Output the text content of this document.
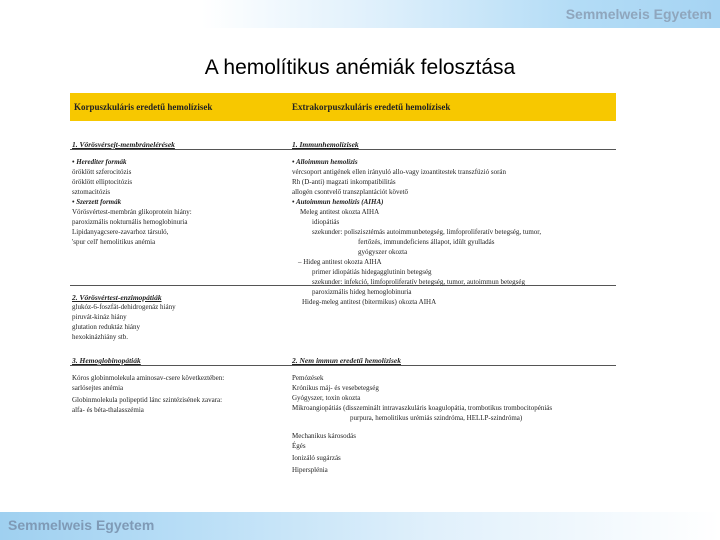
Semmelweis Egyetem
A hemolítikus anémiák felosztása
Korpuszkuláris eredetű hemolízisek	Extrakorpuszkuláris eredetű hemolízisek
1. Vörösvérsejt-membránelérések
• Herediter formák
öröklött szferocitózis
öröklött elliptocitózis
sztomacitózis
• Szerzett formák
Vörösvértest-membrán glikoprotein hiány:
paroxizmális nokturnális hemoglobinuria
Lipidanyagcsere-zavarhoz társuló,
'spur cell' hemolitikus anémia
2. Vörösvértest-enzimopátiák
glukóz-6-foszfát-dehidrogenáz hiány
piruvát-kináz hiány
glutation reduktáz hiány
hexokinázhiány stb.
3. Hemoglobinopátiák
Kóros globinmolekula aminosav-csere következtében:
sarlósejtes anémia
Globinmolekula polipeptid lánc szintézisének zavara:
alfa- és béta-thalasszémia
1. Immunhemolízisek
• Alloimmun hemolízis
vércsoport antigének ellen irányuló allo-vagy izoantitestek transzfúzió során
Rh (D-anti) magzati inkompatibilitás
allogén csontvelő transzplantációt követő
• Autoimmun hemolízis (AIHA)
Meleg antitest okozta AIHA
idiopátiás
szekunder: poliszisztémás autoimmunbetegség, limfoproliferatív betegség, tumor,
fertőzés, immundeficiens állapot, idült gyulladás
gyógyszer okozta
– Hideg antitest okozta AIHA
primer idiopátiás hidegagglutinin betegség
szekunder: infekció, limfoproliferatív betegség, tumor, autoimmun betegség
paroxizmális hideg hemoglobinuria
Hideg-meleg antitest (bitermikus) okozta AIHA
2. Nem immun eredetű hemolízisek
Pemózések
Krónikus máj- és vesebetegség
Gyógyszer, toxin okozta
Mikroangiopátiás (disszeminált intravaszkuláris koagulopátia, trombotikus trombocitopéniás
purpura, hemolitikus urémiás szindróma, HELLP-szindróma)
Mechanikus károsodás
Égés
Ionizáló sugárzás
Hipersplénia
Semmelweis Egyetem
